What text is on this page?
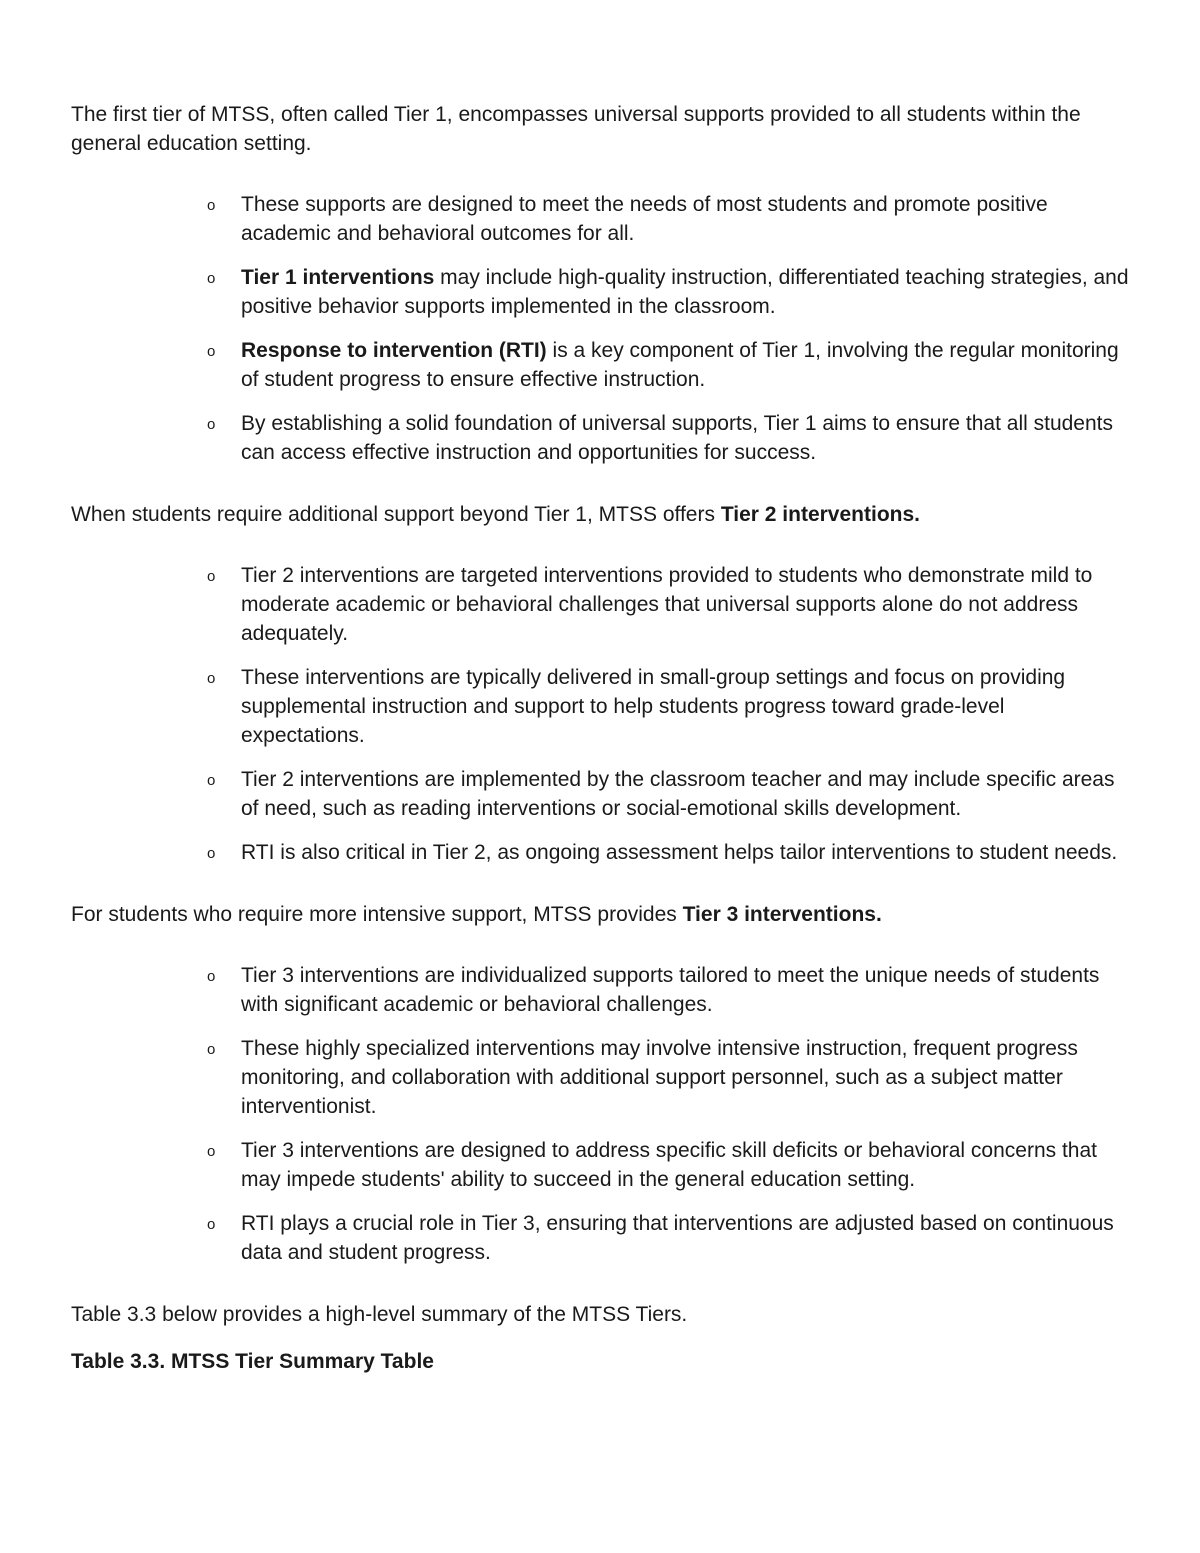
The first tier of MTSS, often called Tier 1, encompasses universal supports provided to all students within the general education setting.

o These supports are designed to meet the needs of most students and promote positive academic and behavioral outcomes for all.
o Tier 1 interventions may include high-quality instruction, differentiated teaching strategies, and positive behavior supports implemented in the classroom.
o Response to intervention (RTI) is a key component of Tier 1, involving the regular monitoring of student progress to ensure effective instruction.
o By establishing a solid foundation of universal supports, Tier 1 aims to ensure that all students can access effective instruction and opportunities for success.

When students require additional support beyond Tier 1, MTSS offers Tier 2 interventions.

o Tier 2 interventions are targeted interventions provided to students who demonstrate mild to moderate academic or behavioral challenges that universal supports alone do not address adequately.
o These interventions are typically delivered in small-group settings and focus on providing supplemental instruction and support to help students progress toward grade-level expectations.
o Tier 2 interventions are implemented by the classroom teacher and may include specific areas of need, such as reading interventions or social-emotional skills development.
o RTI is also critical in Tier 2, as ongoing assessment helps tailor interventions to student needs.

For students who require more intensive support, MTSS provides Tier 3 interventions.

o Tier 3 interventions are individualized supports tailored to meet the unique needs of students with significant academic or behavioral challenges.
o These highly specialized interventions may involve intensive instruction, frequent progress monitoring, and collaboration with additional support personnel, such as a subject matter interventionist.
o Tier 3 interventions are designed to address specific skill deficits or behavioral concerns that may impede students' ability to succeed in the general education setting.
o RTI plays a crucial role in Tier 3, ensuring that interventions are adjusted based on continuous data and student progress.

Table 3.3 below provides a high-level summary of the MTSS Tiers.

Table 3.3. MTSS Tier Summary Table
